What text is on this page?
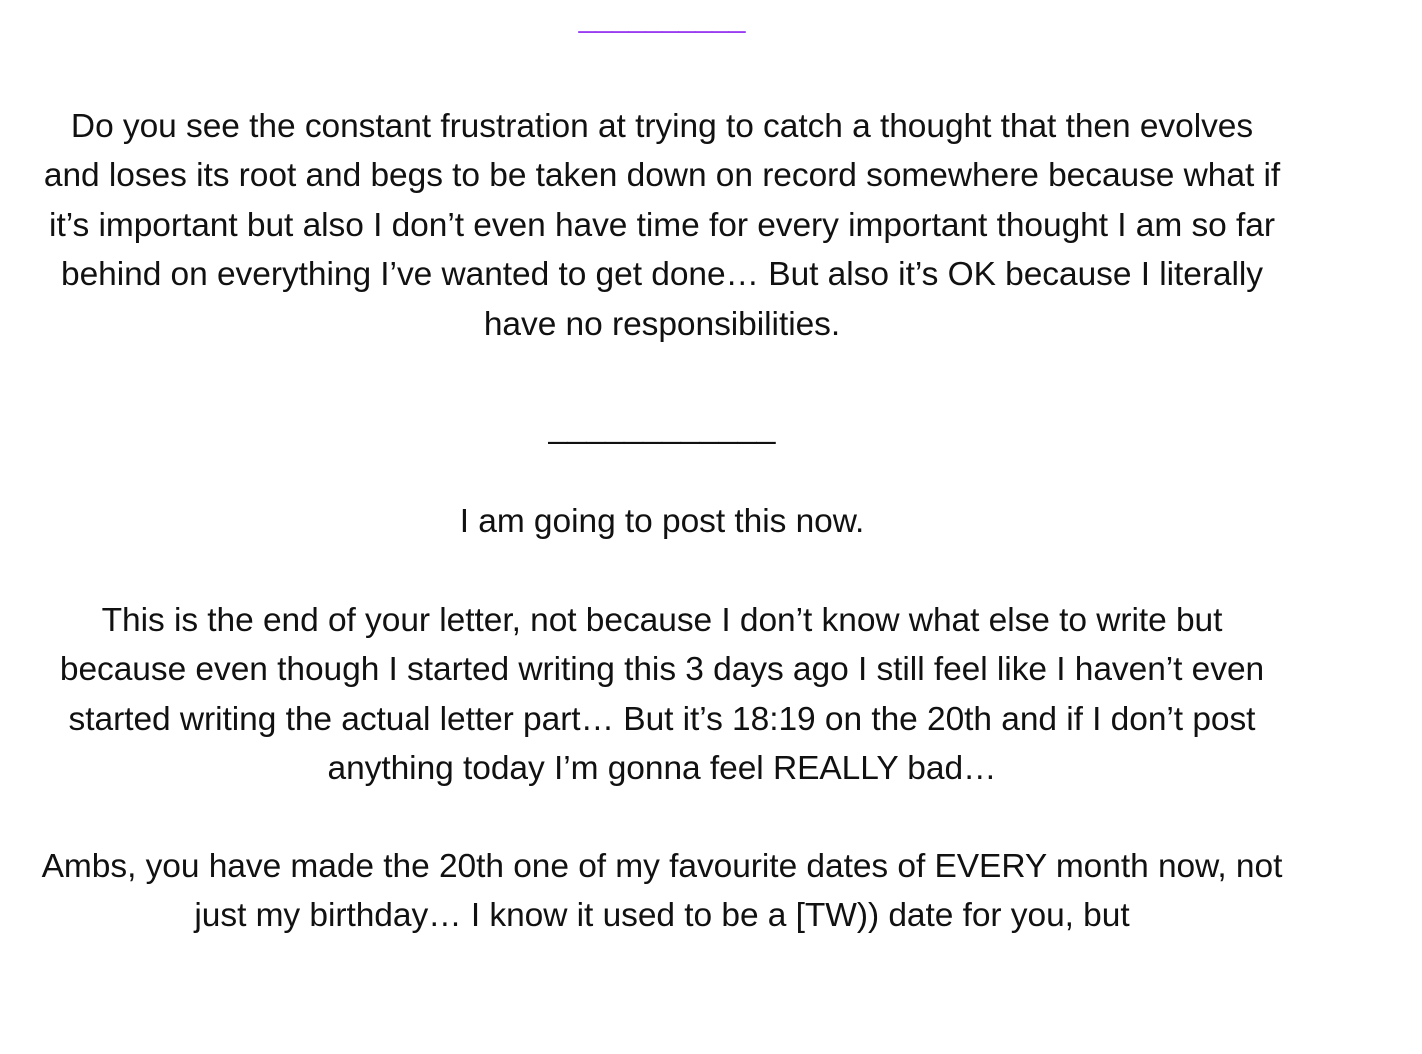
__________

Do you see the constant frustration at trying to catch a thought that then evolves and loses its root and begs to be taken down on record somewhere because what if it’s important but also I don’t even have time for every important thought I am so far behind on everything I’ve wanted to get done… But also it’s OK because I literally have no responsibilities.

____________

I am going to post this now.

This is the end of your letter, not because I don’t know what else to write but because even though I started writing this 3 days ago I still feel like I haven’t even started writing the actual letter part… But it’s 18:19 on the 20th and if I don’t post anything today I’m gonna feel REALLY bad…

Ambs, you have made the 20th one of my favourite dates of EVERY month now, not just my birthday… I know it used to be a [TW)) date for you, but
